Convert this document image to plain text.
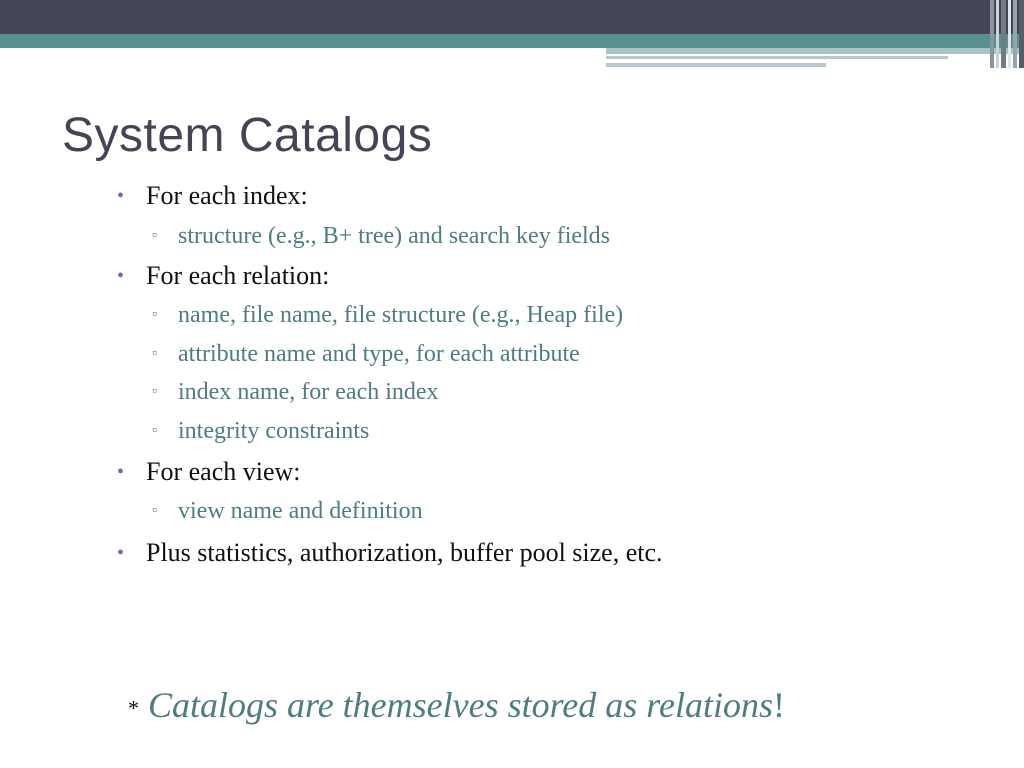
System Catalogs
• For each index:
▫ structure (e.g., B+ tree) and search key fields
• For each relation:
▫ name, file name, file structure (e.g., Heap file)
▫ attribute name and type, for each attribute
▫ index name, for each index
▫ integrity constraints
• For each view:
▫ view name and definition
• Plus statistics, authorization, buffer pool size, etc.
* Catalogs are themselves stored as relations!
